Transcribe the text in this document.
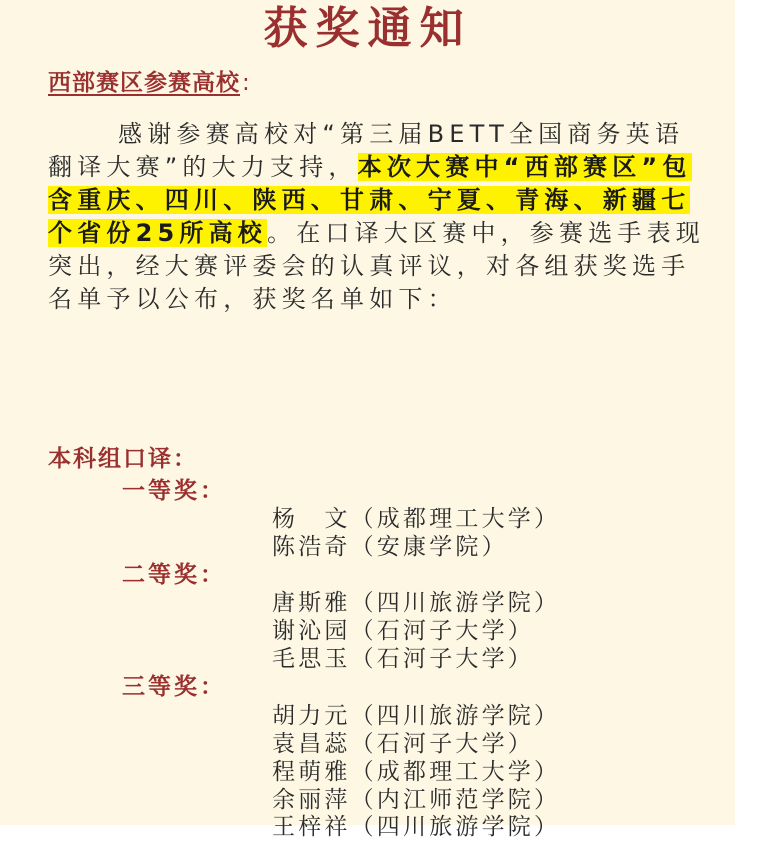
获奖通知
西部赛区参赛高校:

感谢参赛高校对“第三届BETT全国商务英语翻译大赛”的大力支持，本次大赛中“西部赛区”包含重庆、四川、陕西、甘肃、宁夏、青海、新疆七个省份25所高校。在口译大区赛中，参赛选手表现突出，经大赛评委会的认真评议，对各组获奖选手名单予以公布，获奖名单如下：

本科组口译：
一等奖：
杨　文（成都理工大学）
陈浩奇（安康学院）
二等奖：
唐斯雅（四川旅游学院）
谢沁园（石河子大学）
毛思玉（石河子大学）
三等奖：
胡力元（四川旅游学院）
袁昌蕊（石河子大学）
程萌雅（成都理工大学）
余丽萍（内江师范学院）
王梓祥（四川旅游学院）
